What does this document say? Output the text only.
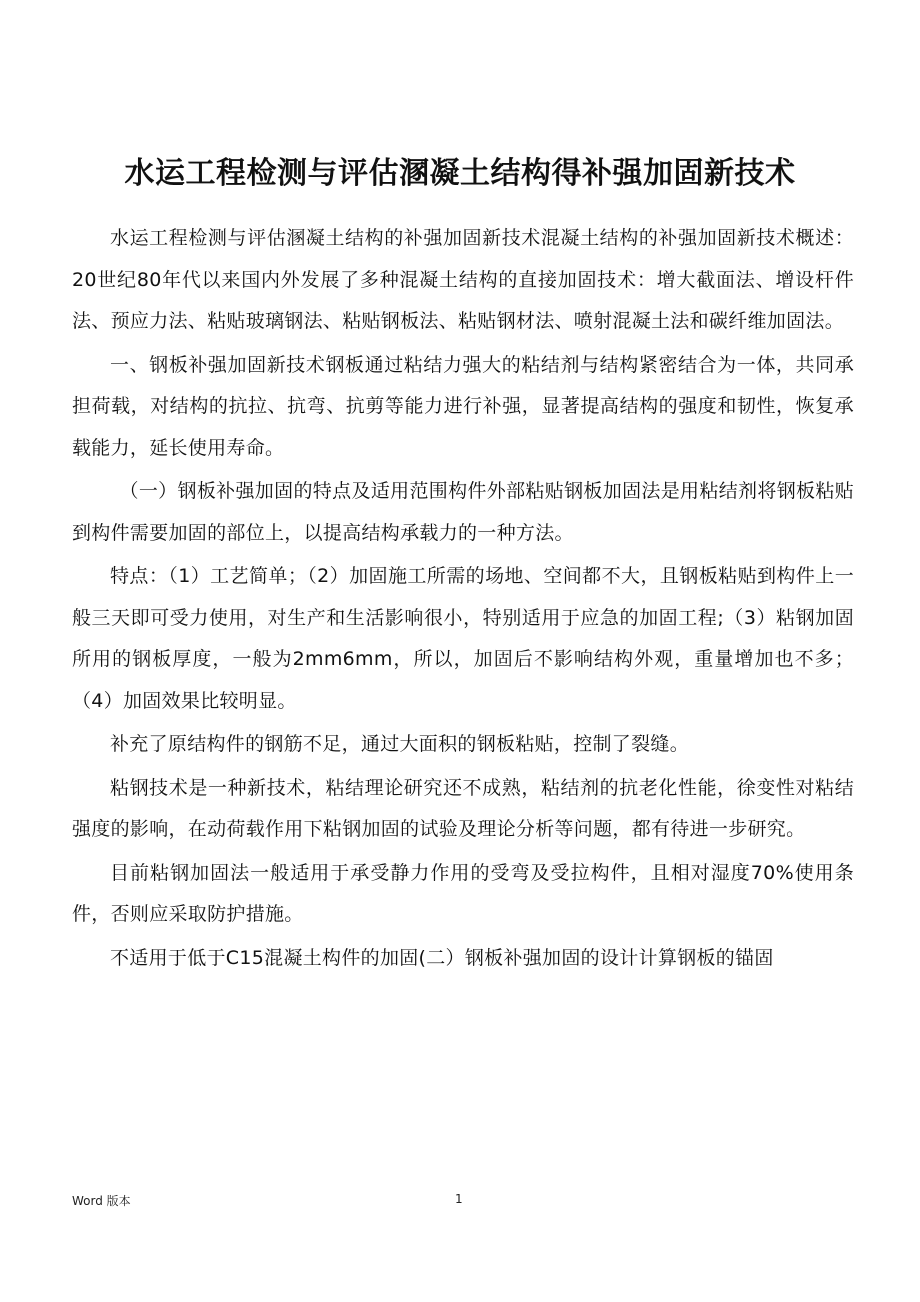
水运工程检测与评估溷凝土结构得补强加固新技术

水运工程检测与评估溷凝土结构的补强加固新技术混凝土结构的补强加固新技术概述：20世纪80年代以来国内外发展了多种混凝土结构的直接加固技术：增大截面法、增设杆件法、预应力法、粘贴玻璃钢法、粘贴钢板法、粘贴钢材法、喷射混凝土法和碳纤维加固法。

一、钢板补强加固新技术钢板通过粘结力强大的粘结剂与结构紧密结合为一体，共同承担荷载，对结构的抗拉、抗弯、抗剪等能力进行补强，显著提高结构的强度和韧性，恢复承载能力，延长使用寿命。

（一）钢板补强加固的特点及适用范围构件外部粘贴钢板加固法是用粘结剂将钢板粘贴到构件需要加固的部位上，以提高结构承载力的一种方法。

特点：（1）工艺简单；（2）加固施工所需的场地、空间都不大，且钢板粘贴到构件上一般三天即可受力使用，对生产和生活影响很小，特别适用于应急的加固工程;（3）粘钢加固所用的钢板厚度，一般为2mm6mm，所以，加固后不影响结构外观，重量增加也不多；（4）加固效果比较明显。

补充了原结构件的钢筋不足，通过大面积的钢板粘贴，控制了裂缝。

粘钢技术是一种新技术，粘结理论研究还不成熟，粘结剂的抗老化性能，徐变性对粘结强度的影响，在动荷载作用下粘钢加固的试验及理论分析等问题，都有待进一步研究。

目前粘钢加固法一般适用于承受静力作用的受弯及受拉构件，且相对湿度70%使用条件，否则应采取防护措施。

不适用于低于C15混凝土构件的加固(二）钢板补强加固的设计计算钢板的锚固

Word 版本	1
